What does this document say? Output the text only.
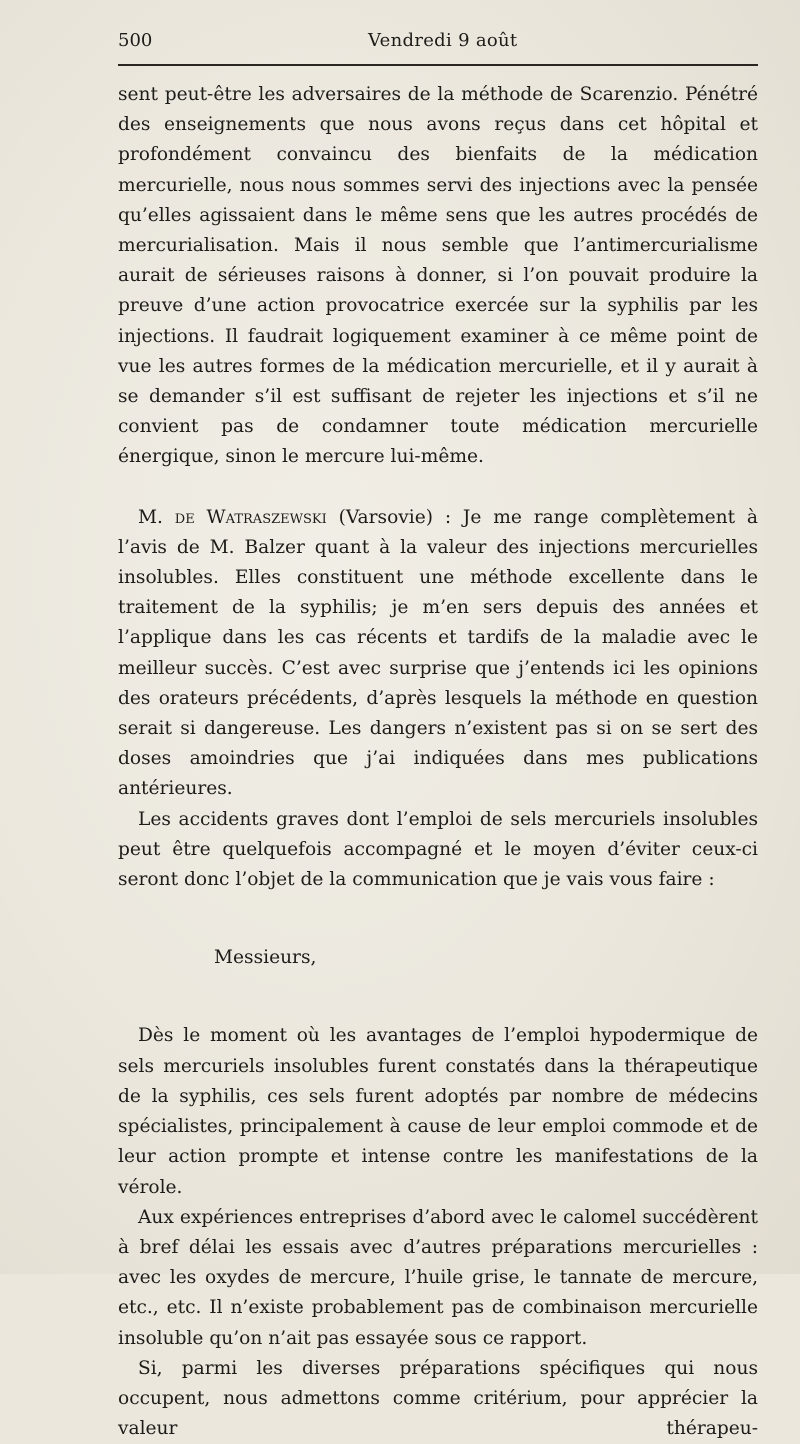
500	Vendredi 9 août

sent peut-être les adversaires de la méthode de Scarenzio. Pénétré des enseignements que nous avons reçus dans cet hôpital et profondément convaincu des bienfaits de la médication mercurielle, nous nous sommes servi des injections avec la pensée qu’elles agissaient dans le même sens que les autres procédés de mercurialisation. Mais il nous semble que l’antimercurialisme aurait de sérieuses raisons à donner, si l’on pouvait produire la preuve d’une action provocatrice exercée sur la syphilis par les injections. Il faudrait logiquement examiner à ce même point de vue les autres formes de la médication mercurielle, et il y aurait à se demander s’il est suffisant de rejeter les injections et s’il ne convient pas de condamner toute médication mercurielle énergique, sinon le mercure lui-même.

M. de Watraszewski (Varsovie) : Je me range complètement à l’avis de M. Balzer quant à la valeur des injections mercurielles insolubles. Elles constituent une méthode excellente dans le traitement de la syphilis; je m’en sers depuis des années et l’applique dans les cas récents et tardifs de la maladie avec le meilleur succès. C’est avec surprise que j’entends ici les opinions des orateurs précédents, d’après lesquels la méthode en question serait si dangereuse. Les dangers n’existent pas si on se sert des doses amoindries que j’ai indiquées dans mes publications antérieures.

Les accidents graves dont l’emploi de sels mercuriels insolubles peut être quelquefois accompagné et le moyen d’éviter ceux-ci seront donc l’objet de la communication que je vais vous faire :

Messieurs,

Dès le moment où les avantages de l’emploi hypodermique de sels mercuriels insolubles furent constatés dans la thérapeutique de la syphilis, ces sels furent adoptés par nombre de médecins spécialistes, principalement à cause de leur emploi commode et de leur action prompte et intense contre les manifestations de la vérole.

Aux expériences entreprises d’abord avec le calomel succédèrent à bref délai les essais avec d’autres préparations mercurielles : avec les oxydes de mercure, l’huile grise, le tannate de mercure, etc., etc. Il n’existe probablement pas de combinaison mercurielle insoluble qu’on n’ait pas essayée sous ce rapport.

Si, parmi les diverses préparations spécifiques qui nous occupent, nous admettons comme critérium, pour apprécier la valeur thérapeu-
